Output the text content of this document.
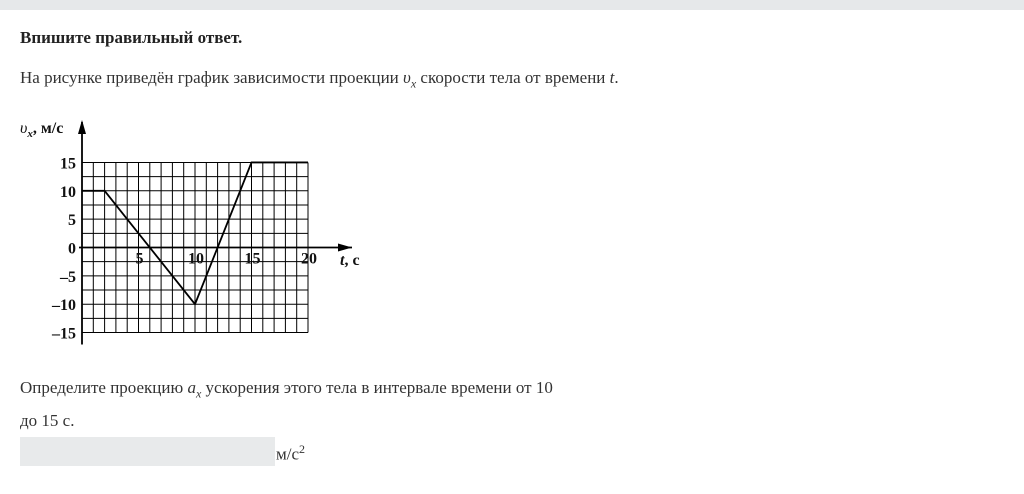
Впишите правильный ответ.
На рисунке приведён график зависимости проекции $\upsilon_x$ скорости тела от времени t.
15
10
5
0
–5
–10
–15
5	10	15	20
$\upsilon_x$, м/с
t, с
Определите проекцию $a_x$ ускорения этого тела в интервале времени от 10
до 15 с.
$м/с^2$
